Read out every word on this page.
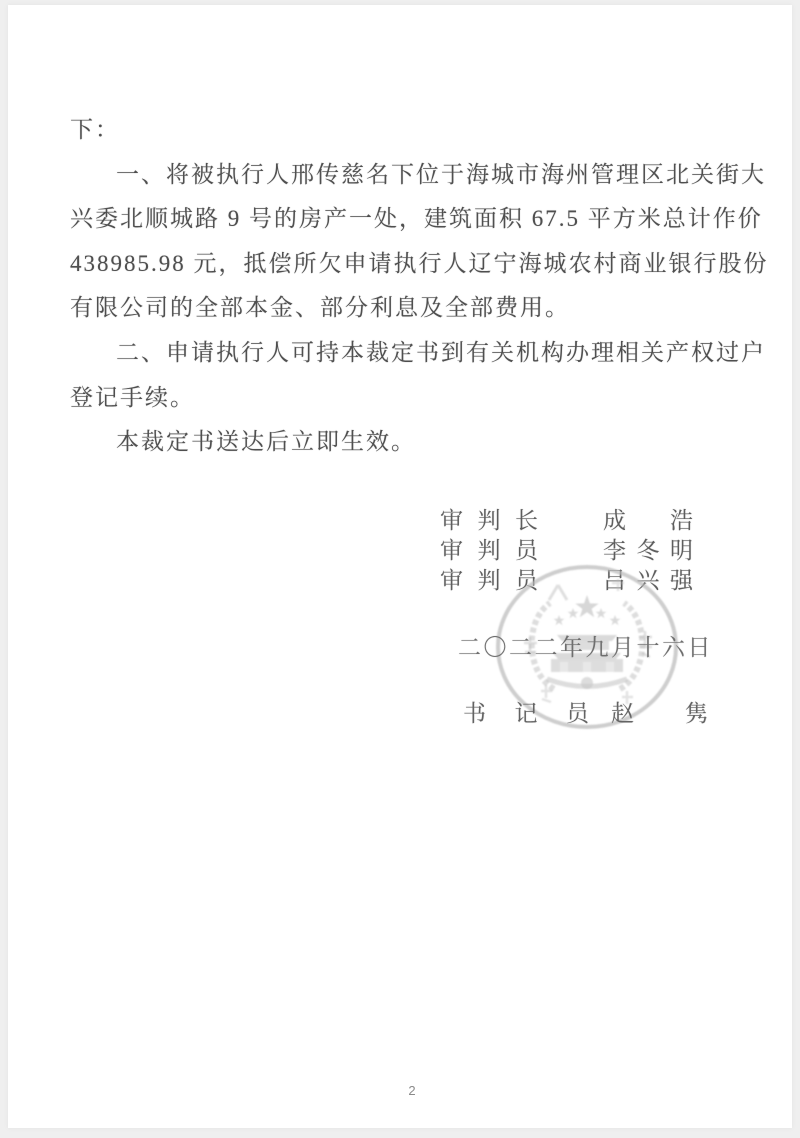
下：
一、将被执行人邢传慈名下位于海城市海州管理区北关街大
兴委北顺城路 9 号的房产一处，建筑面积 67.5 平方米总计作价
438985.98 元，抵偿所欠申请执行人辽宁海城农村商业银行股份
有限公司的全部本金、部分利息及全部费用。
二、申请执行人可持本裁定书到有关机构办理相关产权过户
登记手续。
本裁定书送达后立即生效。
审判长	成浩
审判员	李冬明
审判员	吕兴强
二〇二二年九月十六日
书记员 赵隽
2
